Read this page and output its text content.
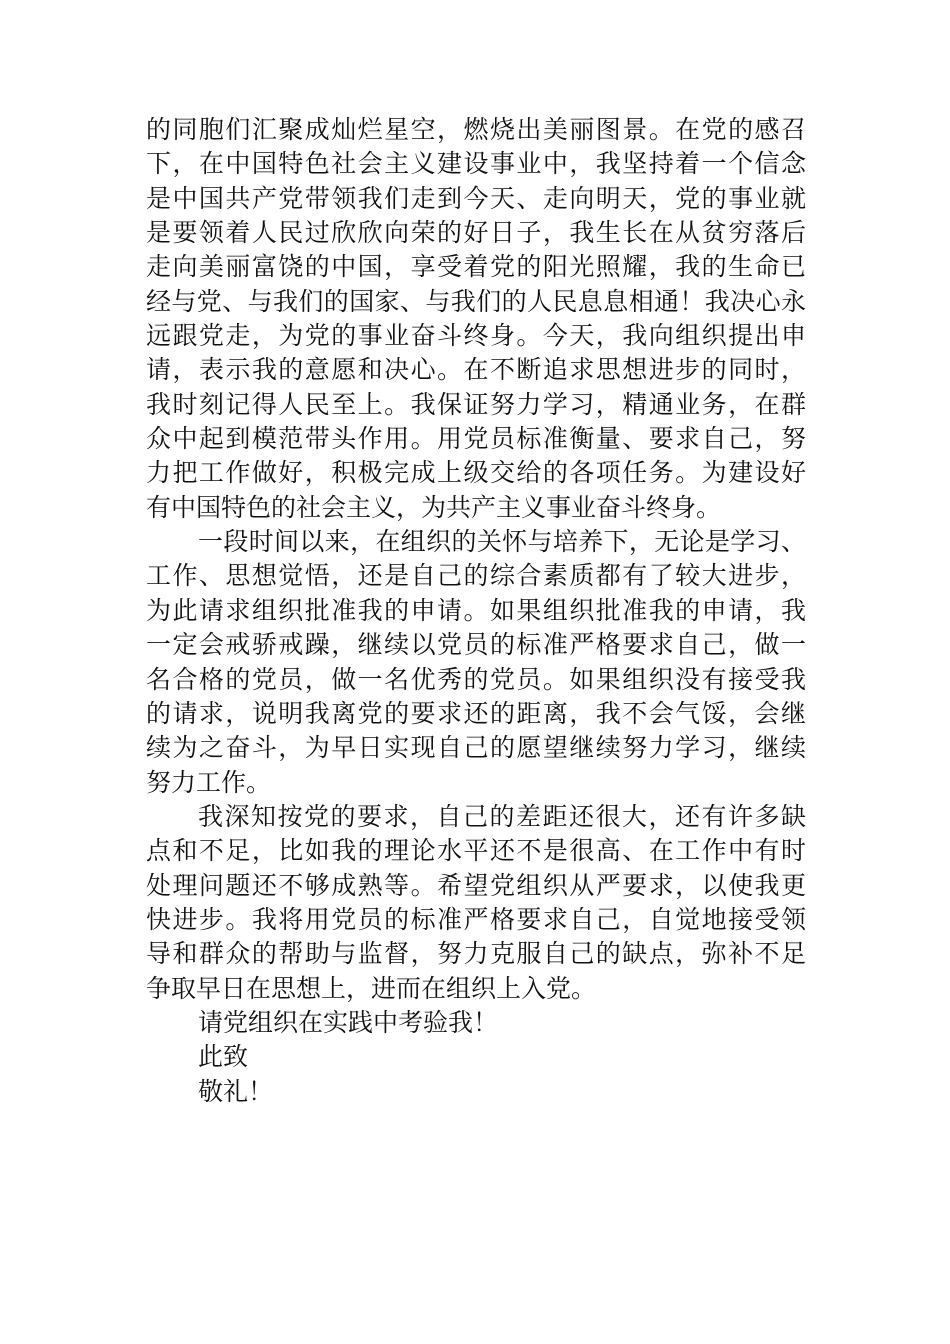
的同胞们汇聚成灿烂星空，燃烧出美丽图景。在党的感召
下，在中国特色社会主义建设事业中，我坚持着一个信念
是中国共产党带领我们走到今天、走向明天，党的事业就
是要领着人民过欣欣向荣的好日子，我生长在从贫穷落后
走向美丽富饶的中国，享受着党的阳光照耀，我的生命已
经与党、与我们的国家、与我们的人民息息相通！我决心永
远跟党走，为党的事业奋斗终身。今天，我向组织提出申
请，表示我的意愿和决心。在不断追求思想进步的同时，
我时刻记得人民至上。我保证努力学习，精通业务，在群
众中起到模范带头作用。用党员标准衡量、要求自己，努
力把工作做好，积极完成上级交给的各项任务。为建设好
有中国特色的社会主义，为共产主义事业奋斗终身。
一段时间以来，在组织的关怀与培养下，无论是学习、
工作、思想觉悟，还是自己的综合素质都有了较大进步，
为此请求组织批准我的申请。如果组织批准我的申请，我
一定会戒骄戒躁，继续以党员的标准严格要求自己，做一
名合格的党员，做一名优秀的党员。如果组织没有接受我
的请求，说明我离党的要求还的距离，我不会气馁，会继
续为之奋斗，为早日实现自己的愿望继续努力学习，继续
努力工作。
我深知按党的要求，自己的差距还很大，还有许多缺
点和不足，比如我的理论水平还不是很高、在工作中有时
处理问题还不够成熟等。希望党组织从严要求，以使我更
快进步。我将用党员的标准严格要求自己，自觉地接受领
导和群众的帮助与监督，努力克服自己的缺点，弥补不足
争取早日在思想上，进而在组织上入党。
请党组织在实践中考验我！
此致
敬礼！
